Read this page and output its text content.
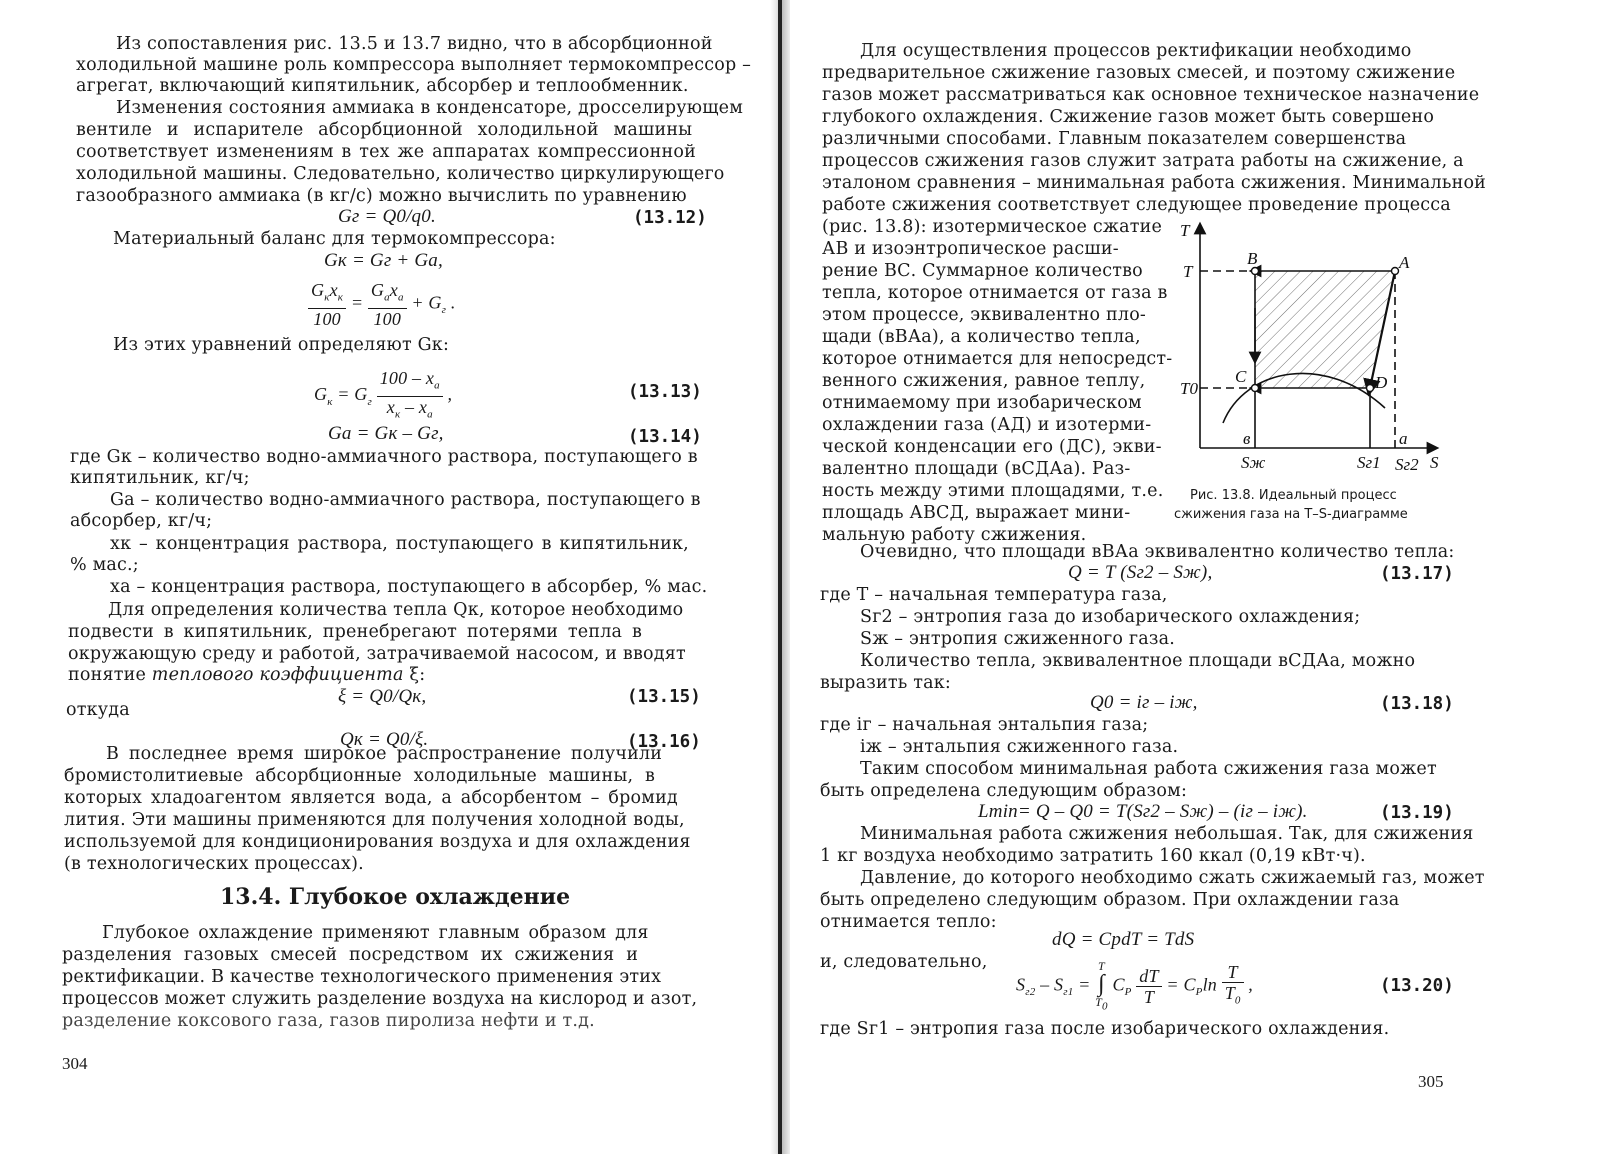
Из сопоставления рис. 13.5 и 13.7 видно, что в абсорбционной
холодильной машине роль компрессора выполняет термокомпрессор –
агрегат, включающий кипятильник, абсорбер и теплообменник.
Изменения состояния аммиака в конденсаторе, дросселирующем
вентиле и испарителе абсорбционной холодильной машины
соответствует изменениям в тех же аппаратах компрессионной
холодильной машины. Следовательно, количество циркулирующего
газообразного аммиака (в кг/с) можно вычислить по уравнению
Gг = Q0/q0.	(13.12)
Материальный баланс для термокомпрессора:
Gк = Gг + Gа,
$\frac{G_кx_к}{100} = \frac{G_аx_а}{100} + G_г$ .
Из этих уравнений определяют Gк:
$G_к = G_г \frac{100 - x_а}{x_к - x_а}$ ,	(13.13)
Gа = Gк – Gг,	(13.14)
где Gк – количество водно-аммиачного раствора, поступающего в
кипятильник, кг/ч;
Gа – количество водно-аммиачного раствора, поступающего в
абсорбер, кг/ч;
xк – концентрация раствора, поступающего в кипятильник,
% мас.;
xа – концентрация раствора, поступающего в абсорбер, % мас.
Для определения количества тепла Qк, которое необходимо
подвести в кипятильник, пренебрегают потерями тепла в
окружающую среду и работой, затрачиваемой насосом, и вводят
понятие теплового коэффициента ξ:
ξ = Q0/Qк,	(13.15)
откуда
Qк = Q0/ξ.	(13.16)
В последнее время широкое распространение получили
бромистолитиевые абсорбционные холодильные машины, в
которых хладоагентом является вода, а абсорбентом – бромид
лития. Эти машины применяются для получения холодной воды,
используемой для кондиционирования воздуха и для охлаждения
(в технологических процессах).
13.4. Глубокое охлаждение
Глубокое охлаждение применяют главным образом для
разделения газовых смесей посредством их сжижения и
ректификации. В качестве технологического применения этих
процессов может служить разделение воздуха на кислород и азот,
разделение коксового газа, газов пиролиза нефти и т.д.
304
Для осуществления процессов ректификации необходимо
предварительное сжижение газовых смесей, и поэтому сжижение
газов может рассматриваться как основное техническое назначение
глубокого охлаждения. Сжижение газов может быть совершено
различными способами. Главным показателем совершенства
процессов сжижения газов служит затрата работы на сжижение, а
эталоном сравнения – минимальная работа сжижения. Минимальной
работе сжижения соответствует следующее проведение процесса
(рис. 13.8): изотермическое сжатие
АВ и изоэнтропическое расши-
рение ВС. Суммарное количество
тепла, которое отнимается от газа в
этом процессе, эквивалентно пло-
щади (вВАа), а количество тепла,
которое отнимается для непосредст-
венного сжижения, равное теплу,
отнимаемому при изобарическом
охлаждении газа (АД) и изотерми-
ческой конденсации его (ДС), экви-
валентно площади (вСДАа). Раз-
ность между этими площадями, т.е.
площадь АВСД, выражает мини-
мальную работу сжижения.
T
S
T
T0
B	A
C	D
в	a
Sж	Sг1 Sг2
Рис. 13.8. Идеальный процесс
сжижения газа на T–S-диаграмме
Очевидно, что площади вВАа эквивалентно количество тепла:
Q = T (Sг2 – Sж),	(13.17)
где T – начальная температура газа,
Sг2 – энтропия газа до изобарического охлаждения;
Sж – энтропия сжиженного газа.
Количество тепла, эквивалентное площади вСДАа, можно
выразить так:
Q0 = iг – iж,	(13.18)
где iг – начальная энтальпия газа;
iж – энтальпия сжиженного газа.
Таким способом минимальная работа сжижения газа может
быть определена следующим образом:
Lmin= Q – Q0 = T(Sг2 – Sж) – (iг – iж).	(13.19)
Минимальная работа сжижения небольшая. Так, для сжижения
1 кг воздуха необходимо затратить 160 ккал (0,19 кВт·ч).
Давление, до которого необходимо сжать сжижаемый газ, может
быть определено следующим образом. При охлаждении газа
отнимается тепло:
dQ = CpdT = TdS
и, следовательно,
$S_{г2} - S_{г1} = T$
∫
$T_0$ $C_P \frac{dT}{T} = C_P\ln \frac{T}{T_0}$ ,	(13.20)
где Sг1 – энтропия газа после изобарического охлаждения.
305
